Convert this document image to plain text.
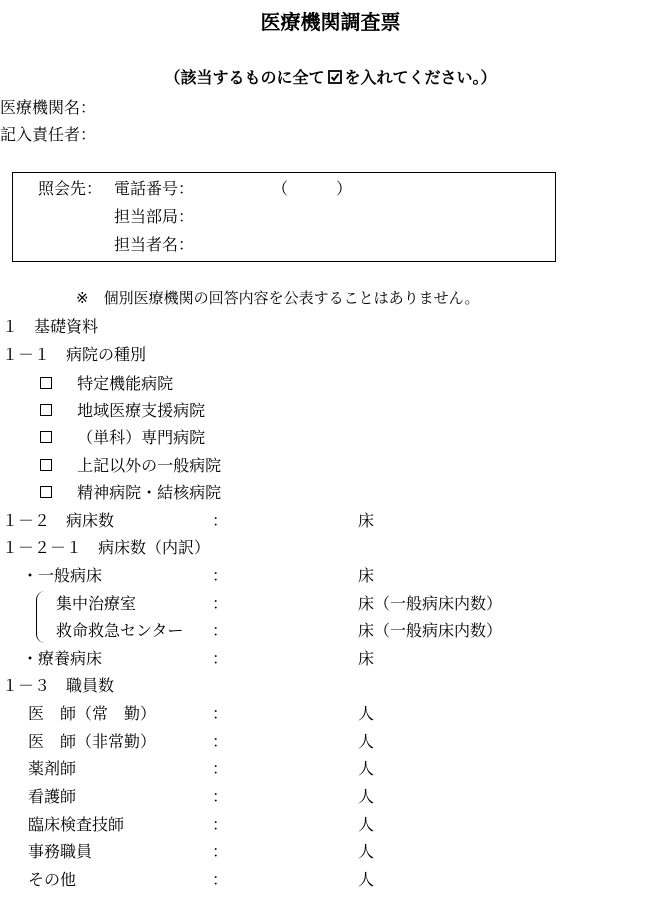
医療機関調査票
（該当するものに全て を入れてください。）
医療機関名：
記入責任者：
照会先： 電話番号：	（　　　）
担当部局：
担当者名：
※　個別医療機関の回答内容を公表することはありません。
１　基礎資料
１－１　病院の種別
特定機能病院
地域医療支援病院
（単科）専門病院
上記以外の一般病院
精神病院・結核病院
１－２　病床数	：	床
１－２－１　病床数（内訳）
・一般病床	：	床
集中治療室	：	床（一般病床内数）
救命救急センター ：	床（一般病床内数）
・療養病床	：	床
１－３　職員数
医　師（常　勤）	：	人
医　師（非常勤）	：	人
薬剤師	：	人
看護師	：	人
臨床検査技師	：	人
事務職員	：	人
その他	：	人
